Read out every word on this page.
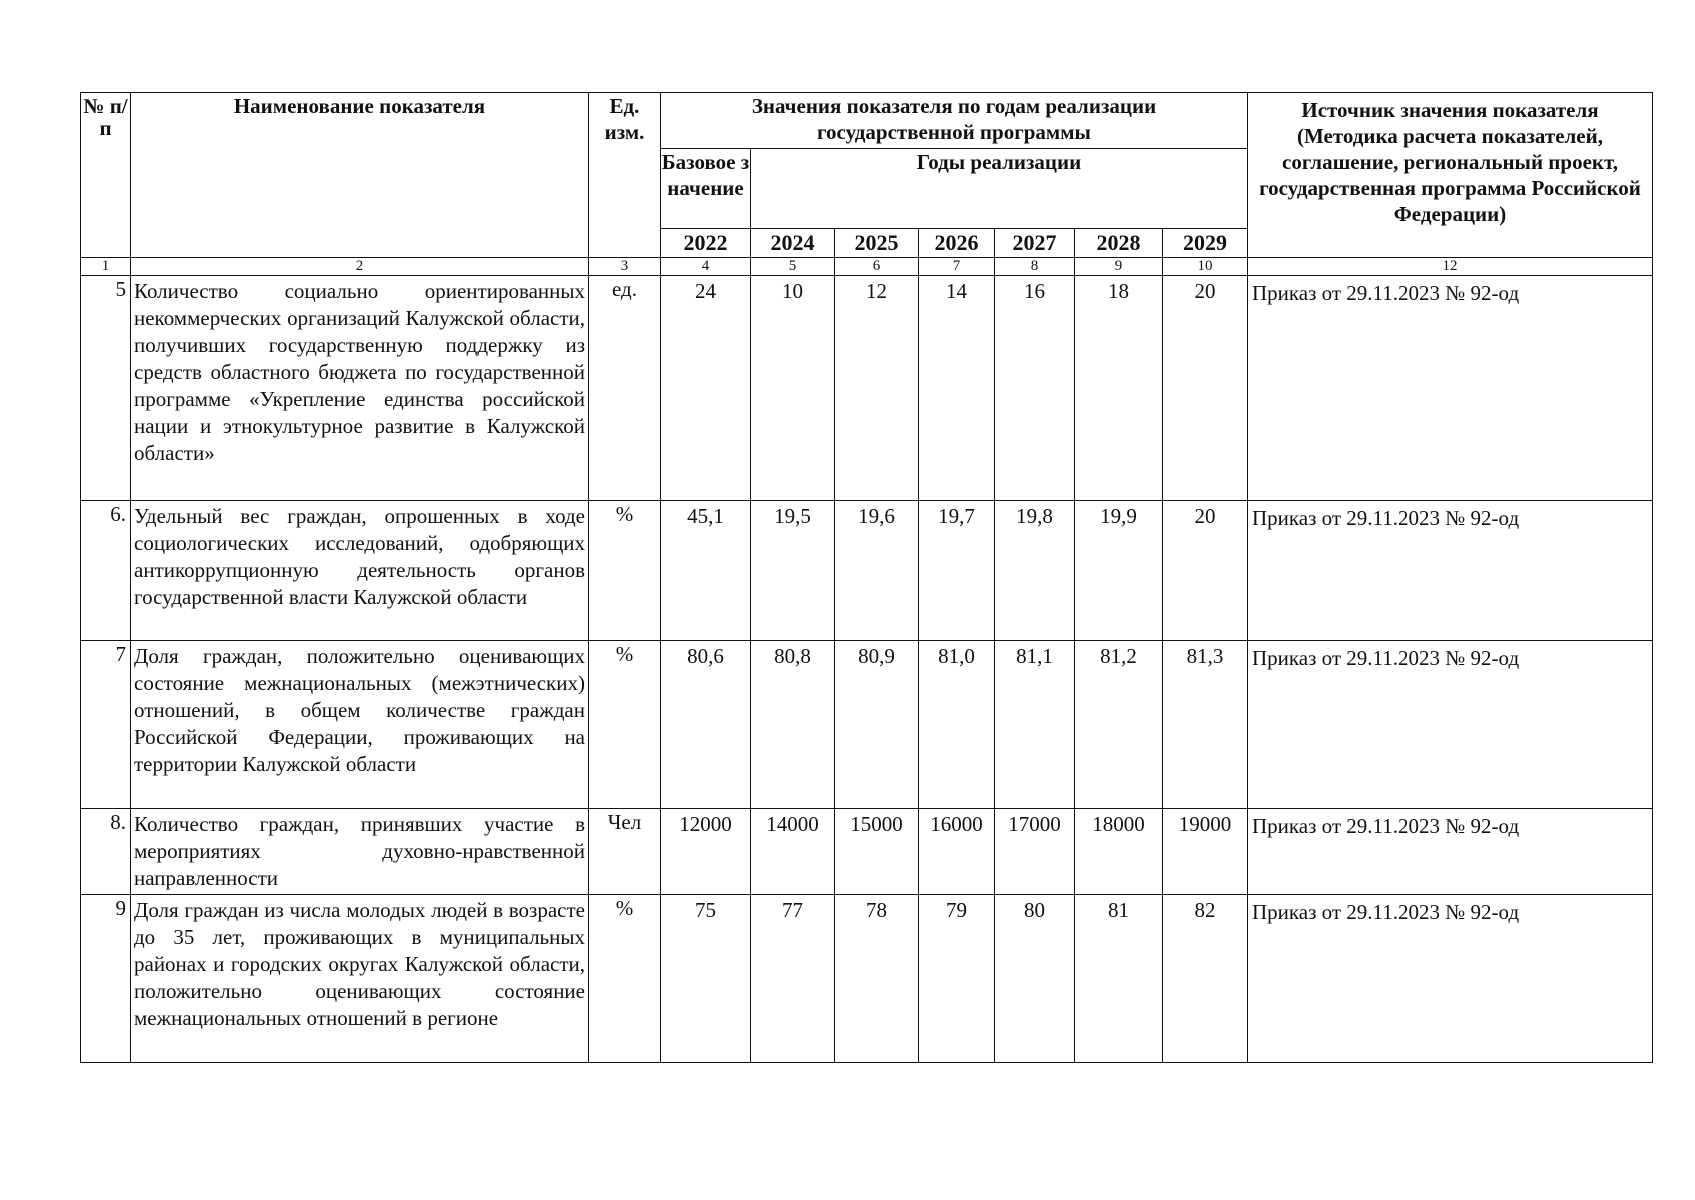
№ п/п	Наименование показателя	Ед. изм.	Значения показателя по годам реализации государственной программы							Источник значения показателя (Методика расчета показателей, соглашение, региональный проект, государственная программа Российской Федерации)

			Базовое значение	Годы реализации						

			2022	2024	2025	2026	2027	2028	2029	

1	2	3	4	5	6	7	8	9	10	12
5	Количество социально ориентированных некоммерческих организаций Калужской области, получивших государственную поддержку из средств областного бюджета по государственной программе «Укрепление единства российской нации и этнокультурное развитие в Калужской области»	ед.	24	10	12	14	16	18	20	Приказ от 29.11.2023 № 92-од
6.	Удельный вес граждан, опрошенных в ходе социологических исследований, одобряющих антикоррупционную деятельность органов государственной власти Калужской области	%	45,1	19,5	19,6	19,7	19,8	19,9	20	Приказ от 29.11.2023 № 92-од
7	Доля граждан, положительно оценивающих состояние межнациональных (межэтнических) отношений, в общем количестве граждан Российской Федерации, проживающих на территории Калужской области	%	80,6	80,8	80,9	81,0	81,1	81,2	81,3	Приказ от 29.11.2023 № 92-од
8.	Количество граждан, принявших участие в мероприятиях духовно-нравственной направленности	Чел	12000	14000	15000	16000	17000	18000	19000	Приказ от 29.11.2023 № 92-од
9	Доля граждан из числа молодых людей в возрасте до 35 лет, проживающих в муниципальных районах и городских округах Калужской области, положительно оценивающих состояние межнациональных отношений в регионе	%	75	77	78	79	80	81	82	Приказ от 29.11.2023 № 92-од
